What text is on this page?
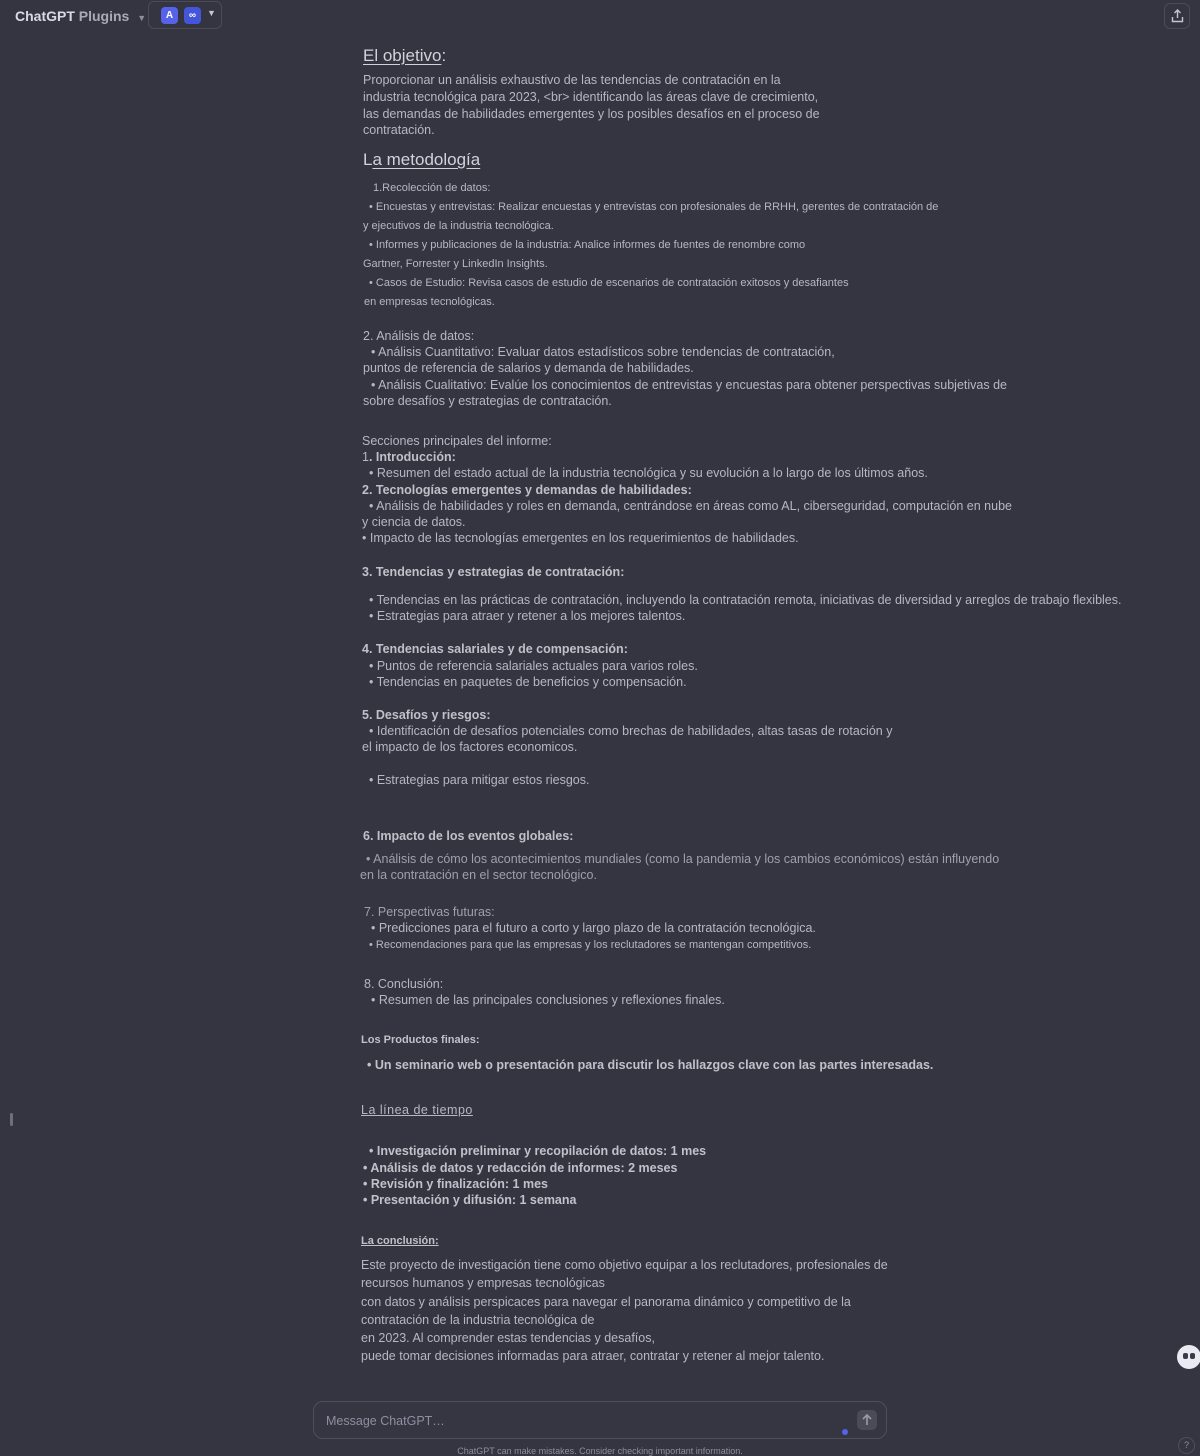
ChatGPT Plugins ▼	A	∞	▼
El objetivo:
Proporcionar un análisis exhaustivo de las tendencias de contratación en la
industria tecnológica para 2023, <br> identificando las áreas clave de crecimiento,
las demandas de habilidades emergentes y los posibles desafíos en el proceso de
contratación.
La metodología
1.Recolección de datos:
• Encuestas y entrevistas: Realizar encuestas y entrevistas con profesionales de RRHH, gerentes de contratación de
y ejecutivos de la industria tecnológica.
• Informes y publicaciones de la industria: Analice informes de fuentes de renombre como
Gartner, Forrester y LinkedIn Insights.
• Casos de Estudio: Revisa casos de estudio de escenarios de contratación exitosos y desafiantes
en empresas tecnológicas.
2. Análisis de datos:
• Análisis Cuantitativo: Evaluar datos estadísticos sobre tendencias de contratación,
puntos de referencia de salarios y demanda de habilidades.
• Análisis Cualitativo: Evalúe los conocimientos de entrevistas y encuestas para obtener perspectivas subjetivas de
sobre desafíos y estrategias de contratación.
Secciones principales del informe:
1. Introducción:
• Resumen del estado actual de la industria tecnológica y su evolución a lo largo de los últimos años.
2. Tecnologías emergentes y demandas de habilidades:
• Análisis de habilidades y roles en demanda, centrándose en áreas como AL, ciberseguridad, computación en nube
y ciencia de datos.
• Impacto de las tecnologías emergentes en los requerimientos de habilidades.
3. Tendencias y estrategias de contratación:
• Tendencias en las prácticas de contratación, incluyendo la contratación remota, iniciativas de diversidad y arreglos de trabajo flexibles.
• Estrategias para atraer y retener a los mejores talentos.
4. Tendencias salariales y de compensación:
• Puntos de referencia salariales actuales para varios roles.
• Tendencias en paquetes de beneficios y compensación.
5. Desafíos y riesgos:
• Identificación de desafíos potenciales como brechas de habilidades, altas tasas de rotación y
el impacto de los factores economicos.
• Estrategias para mitigar estos riesgos.
6. Impacto de los eventos globales:
• Análisis de cómo los acontecimientos mundiales (como la pandemia y los cambios económicos) están influyendo
en la contratación en el sector tecnológico.
7. Perspectivas futuras:
• Predicciones para el futuro a corto y largo plazo de la contratación tecnológica.
• Recomendaciones para que las empresas y los reclutadores se mantengan competitivos.
8. Conclusión:
• Resumen de las principales conclusiones y reflexiones finales.
Los Productos finales:
• Un seminario web o presentación para discutir los hallazgos clave con las partes interesadas.
La línea de tiempo
• Investigación preliminar y recopilación de datos: 1 mes
• Análisis de datos y redacción de informes: 2 meses
• Revisión y finalización: 1 mes
• Presentación y difusión: 1 semana
La conclusión:
Este proyecto de investigación tiene como objetivo equipar a los reclutadores, profesionales de
recursos humanos y empresas tecnológicas
con datos y análisis perspicaces para navegar el panorama dinámico y competitivo de la
contratación de la industria tecnológica de
en 2023. Al comprender estas tendencias y desafíos,
puede tomar decisiones informadas para atraer, contratar y retener al mejor talento.
Message ChatGPT…
ChatGPT can make mistakes. Consider checking important information.
?
